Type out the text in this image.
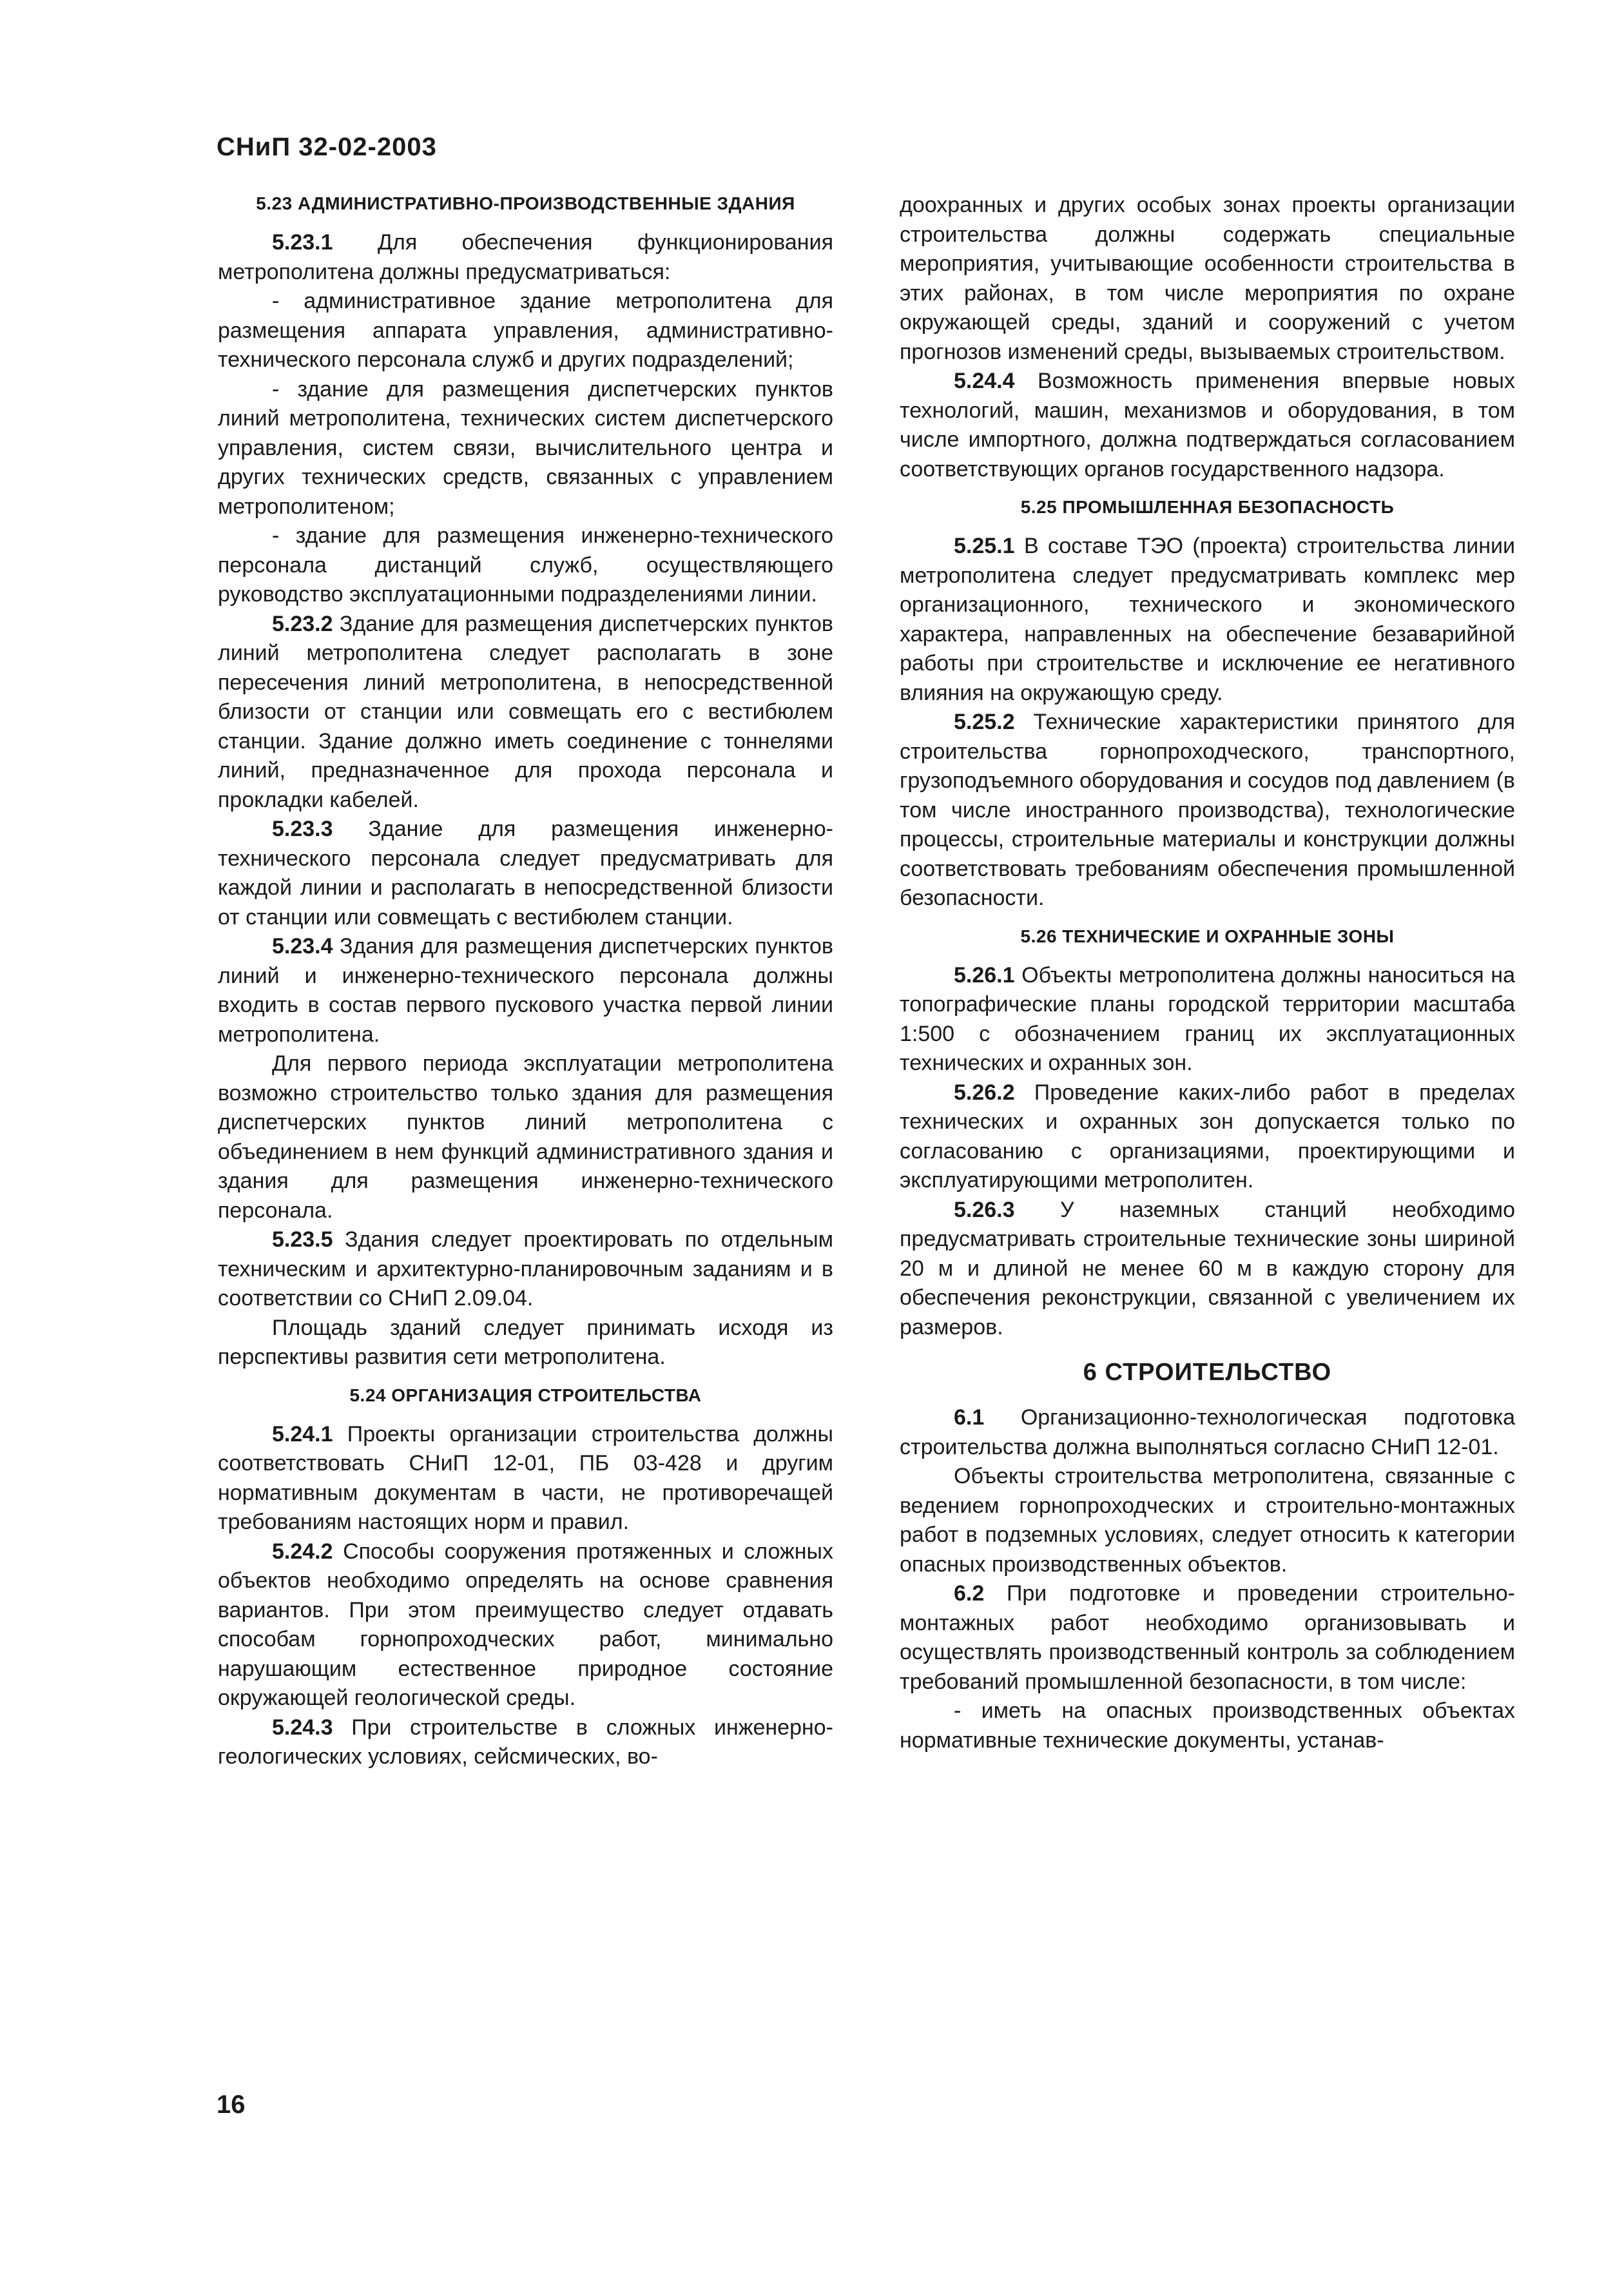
СНиП 32-02-2003
5.23 АДМИНИСТРАТИВНО-ПРОИЗВОДСТВЕННЫЕ ЗДАНИЯ

5.23.1 Для обеспечения функционирования метрополитена должны предусматриваться:

- административное здание метрополитена для размещения аппарата управления, административно-технического персонала служб и других подразделений;

- здание для размещения диспетчерских пунктов линий метрополитена, технических систем диспетчерского управления, систем связи, вычислительного центра и других технических средств, связанных с управлением метрополитеном;

- здание для размещения инженерно-технического персонала дистанций служб, осуществляющего руководство эксплуатационными подразделениями линии.

5.23.2 Здание для размещения диспетчерских пунктов линий метрополитена следует располагать в зоне пересечения линий метрополитена, в непосредственной близости от станции или совмещать его с вестибюлем станции. Здание должно иметь соединение с тоннелями линий, предназначенное для прохода персонала и прокладки кабелей.

5.23.3 Здание для размещения инженерно-технического персонала следует предусматривать для каждой линии и располагать в непосредственной близости от станции или совмещать с вестибюлем станции.

5.23.4 Здания для размещения диспетчерских пунктов линий и инженерно-технического персонала должны входить в состав первого пускового участка первой линии метрополитена.

Для первого периода эксплуатации метрополитена возможно строительство только здания для размещения диспетчерских пунктов линий метрополитена с объединением в нем функций административного здания и здания для размещения инженерно-технического персонала.

5.23.5 Здания следует проектировать по отдельным техническим и архитектурно-планировочным заданиям и в соответствии со СНиП 2.09.04.

Площадь зданий следует принимать исходя из перспективы развития сети метрополитена.

5.24 ОРГАНИЗАЦИЯ СТРОИТЕЛЬСТВА

5.24.1 Проекты организации строительства должны соответствовать СНиП 12-01, ПБ 03-428 и другим нормативным документам в части, не противоречащей требованиям настоящих норм и правил.

5.24.2 Способы сооружения протяженных и сложных объектов необходимо определять на основе сравнения вариантов. При этом преимущество следует отдавать способам горнопроходческих работ, минимально нарушающим естественное природное состояние окружающей геологической среды.

5.24.3 При строительстве в сложных инженерно-геологических условиях, сейсмических, во-

доохранных и других особых зонах проекты организации строительства должны содержать специальные мероприятия, учитывающие особенности строительства в этих районах, в том числе мероприятия по охране окружающей среды, зданий и сооружений с учетом прогнозов изменений среды, вызываемых строительством.

5.24.4 Возможность применения впервые новых технологий, машин, механизмов и оборудования, в том числе импортного, должна подтверждаться согласованием соответствующих органов государственного надзора.

5.25 ПРОМЫШЛЕННАЯ БЕЗОПАСНОСТЬ

5.25.1 В составе ТЭО (проекта) строительства линии метрополитена следует предусматривать комплекс мер организационного, технического и экономического характера, направленных на обеспечение безаварийной работы при строительстве и исключение ее негативного влияния на окружающую среду.

5.25.2 Технические характеристики принятого для строительства горнопроходческого, транспортного, грузоподъемного оборудования и сосудов под давлением (в том числе иностранного производства), технологические процессы, строительные материалы и конструкции должны соответствовать требованиям обеспечения промышленной безопасности.

5.26 ТЕХНИЧЕСКИЕ И ОХРАННЫЕ ЗОНЫ

5.26.1 Объекты метрополитена должны наноситься на топографические планы городской территории масштаба 1:500 с обозначением границ их эксплуатационных технических и охранных зон.

5.26.2 Проведение каких-либо работ в пределах технических и охранных зон допускается только по согласованию с организациями, проектирующими и эксплуатирующими метрополитен.

5.26.3 У наземных станций необходимо предусматривать строительные технические зоны шириной 20 м и длиной не менее 60 м в каждую сторону для обеспечения реконструкции, связанной с увеличением их размеров.

6 СТРОИТЕЛЬСТВО

6.1 Организационно-технологическая подготовка строительства должна выполняться согласно СНиП 12-01.

Объекты строительства метрополитена, связанные с ведением горнопроходческих и строительно-монтажных работ в подземных условиях, следует относить к категории опасных производственных объектов.

6.2 При подготовке и проведении строительно-монтажных работ необходимо организовывать и осуществлять производственный контроль за соблюдением требований промышленной безопасности, в том числе:

- иметь на опасных производственных объектах нормативные технические документы, устанав-

16
